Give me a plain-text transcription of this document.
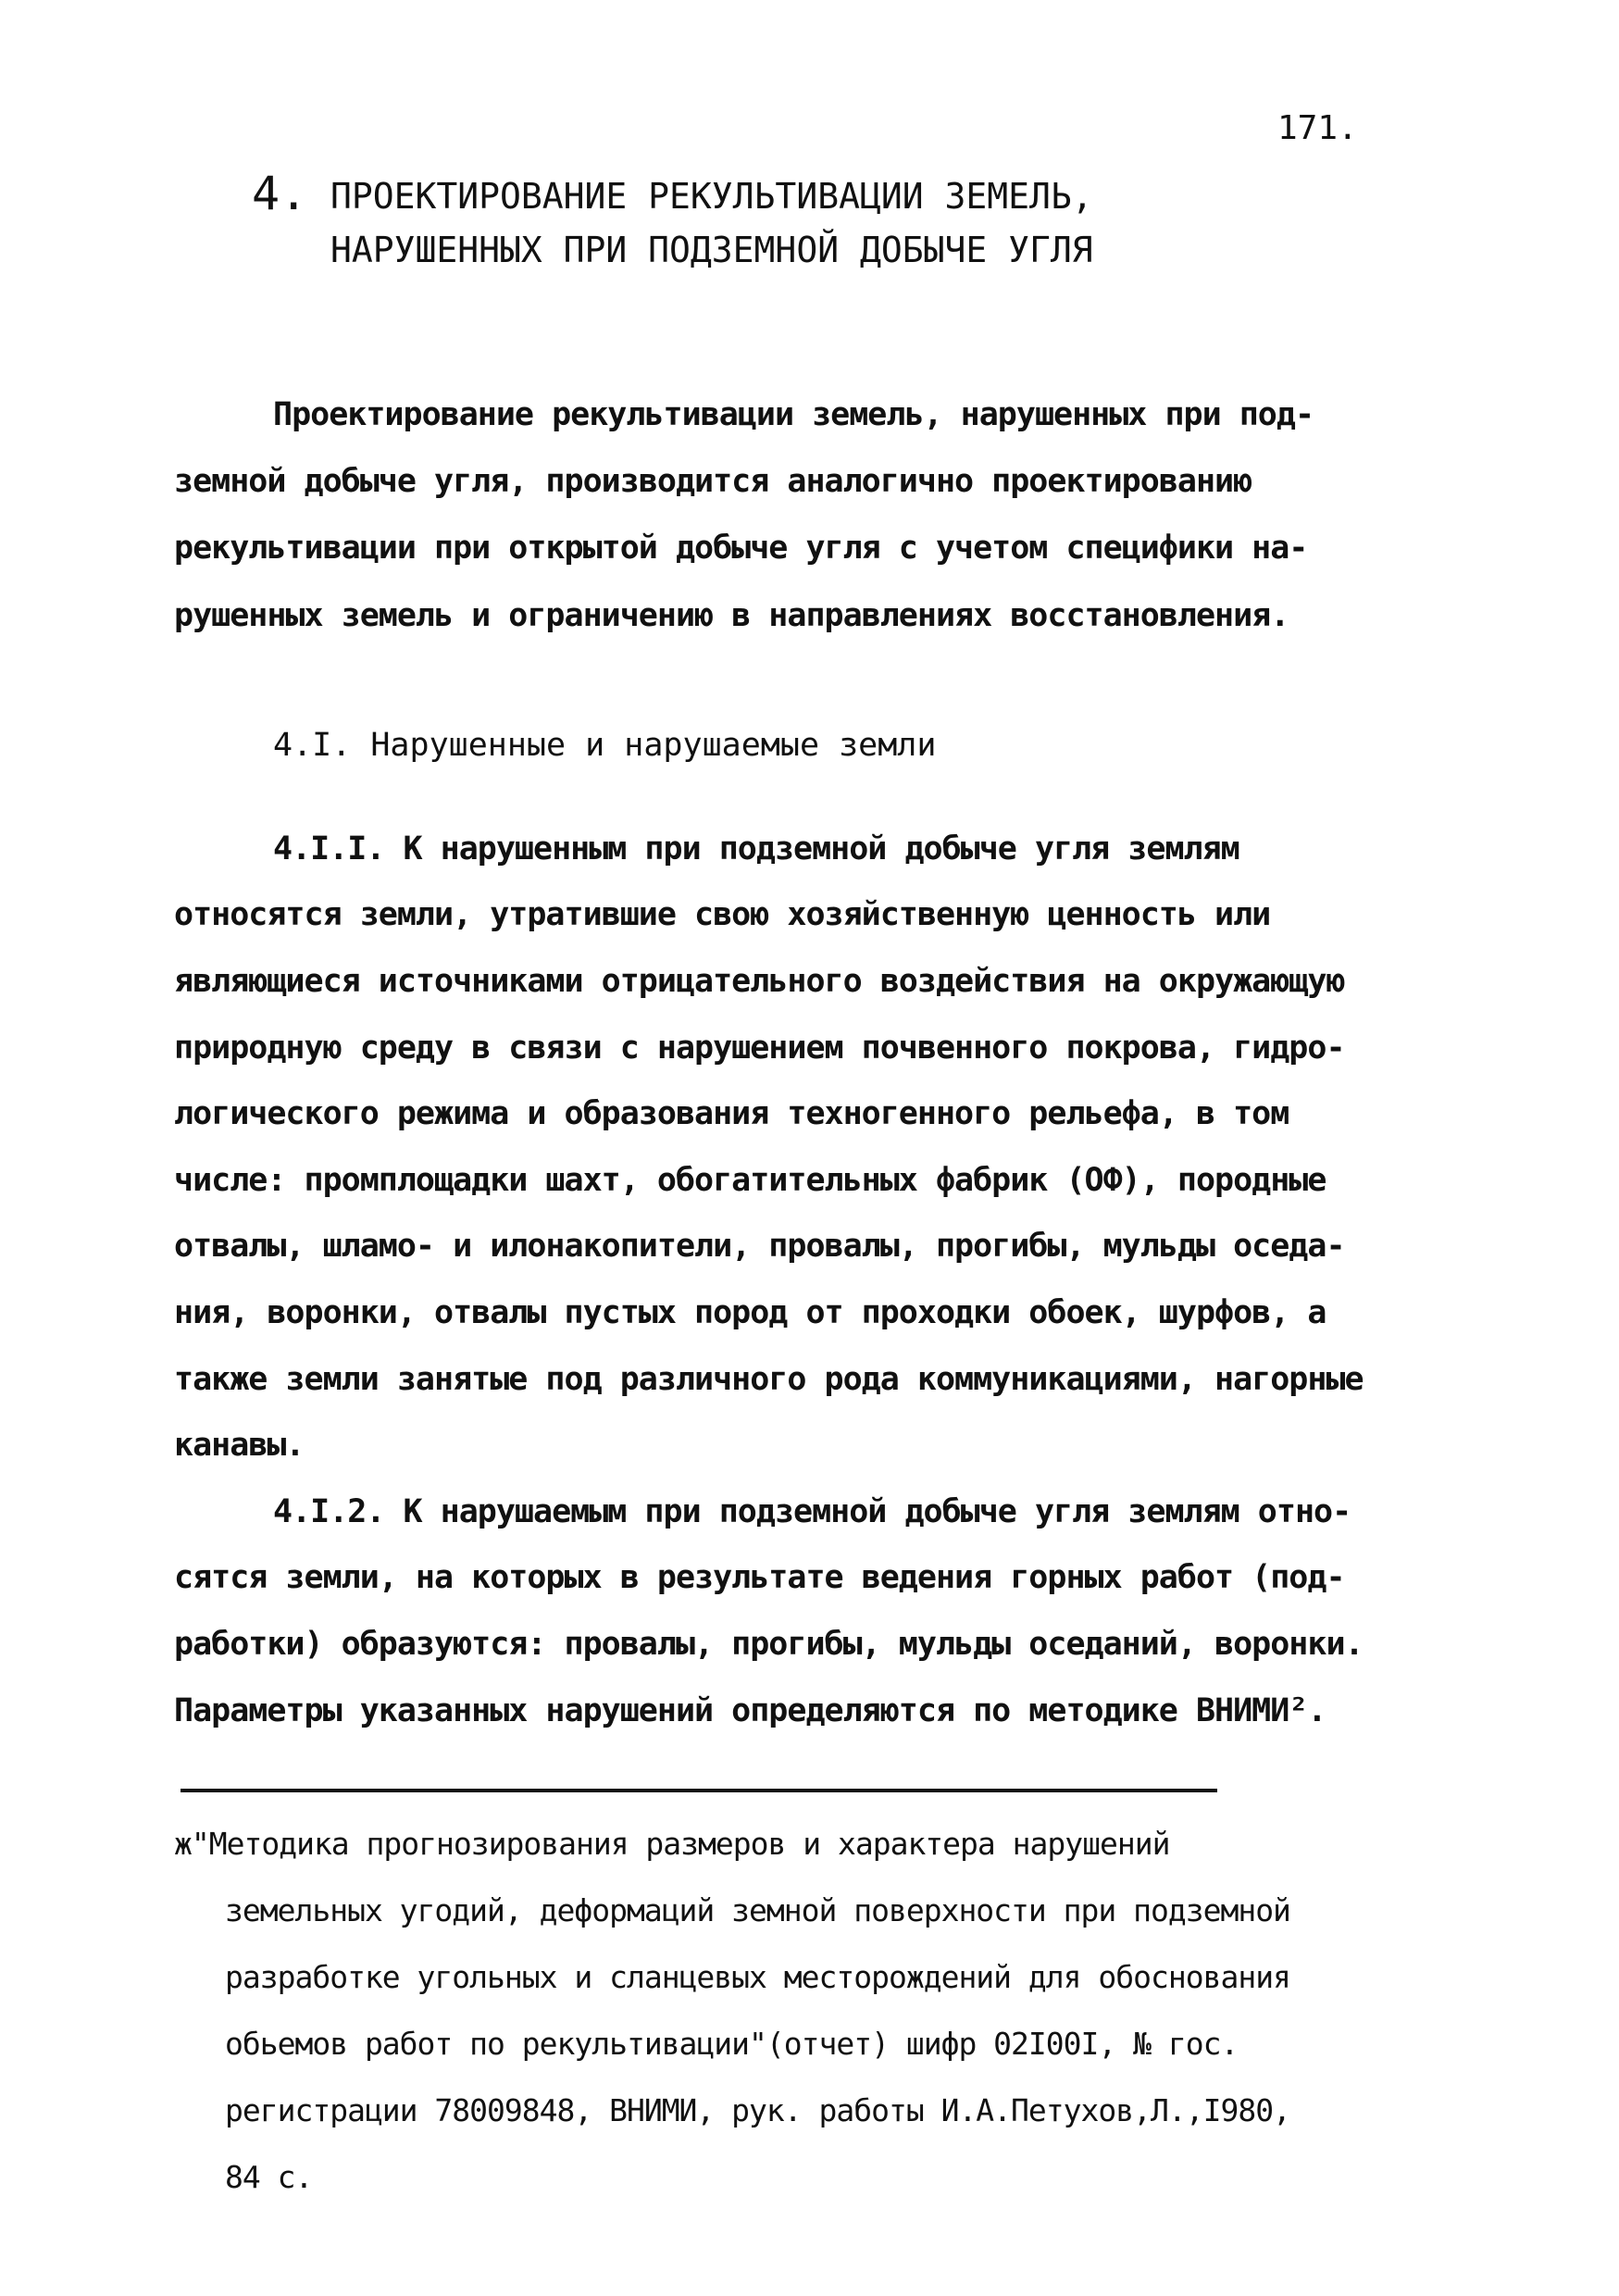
171.
4. ПРОЕКТИРОВАНИЕ РЕКУЛЬТИВАЦИИ ЗЕМЕЛЬ,
НАРУШЕННЫХ ПРИ ПОДЗЕМНОЙ ДОБЫЧЕ УГЛЯ
Проектирование рекультивации земель, нарушенных при под-
земной добыче угля, производится аналогично проектированию
рекультивации при открытой добыче угля с учетом специфики на-
рушенных земель и ограничению в направлениях восстановления.
4.I. Нарушенные и нарушаемые земли
4.I.I. К нарушенным при подземной добыче угля землям
относятся земли, утратившие свою хозяйственную ценность или
являющиеся источниками отрицательного воздействия на окружающую
природную среду в связи с нарушением почвенного покрова, гидро-
логического режима и образования техногенного рельефа, в том
числе: промплощадки шахт, обогатительных фабрик (ОФ), породные
отвалы, шламо- и илонакопители, провалы, прогибы, мульды оседа-
ния, воронки, отвалы пустых пород от проходки обоек, шурфов, а
также земли занятые под различного рода коммуникациями, нагорные
канавы.
4.I.2. К нарушаемым при подземной добыче угля землям отно-
сятся земли, на которых в результате ведения горных работ (под-
работки) образуются: провалы, прогибы, мульды оседаний, воронки.
Параметры указанных нарушений определяются по методике ВНИМИ².
ж"Методика прогнозирования размеров и характера нарушений
земельных угодий, деформаций земной поверхности при подземной
разработке угольных и сланцевых месторождений для обоснования
обьемов работ по рекультивации"(отчет) шифр 02I00I, № гос.
регистрации 78009848, ВНИМИ, рук. работы И.А.Петухов,Л.,I980,
84 с.
